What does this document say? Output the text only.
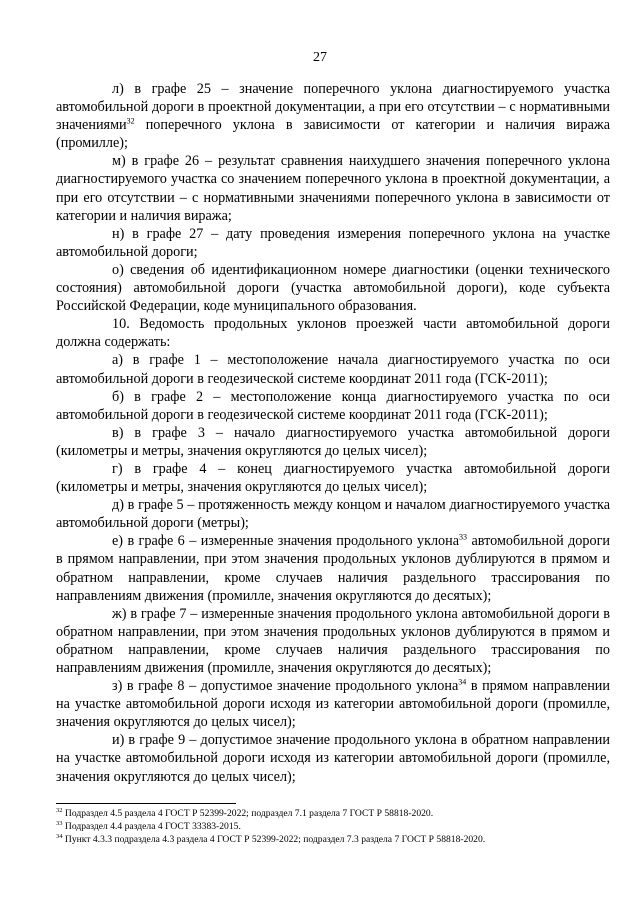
27

л) в графе 25 – значение поперечного уклона диагностируемого участка автомобильной дороги в проектной документации, а при его отсутствии – с нормативными значениями$^{32}$ поперечного уклона в зависимости от категории и наличия виража (промилле);

м) в графе 26 – результат сравнения наихудшего значения поперечного уклона диагностируемого участка со значением поперечного уклона в проектной документации, а при его отсутствии – с нормативными значениями поперечного уклона в зависимости от категории и наличия виража;

н) в графе 27 – дату проведения измерения поперечного уклона на участке автомобильной дороги;

о) сведения об идентификационном номере диагностики (оценки технического состояния) автомобильной дороги (участка автомобильной дороги), коде субъекта Российской Федерации, коде муниципального образования.

10. Ведомость продольных уклонов проезжей части автомобильной дороги должна содержать:

а) в графе 1 – местоположение начала диагностируемого участка по оси автомобильной дороги в геодезической системе координат 2011 года (ГСК-2011);

б) в графе 2 – местоположение конца диагностируемого участка по оси автомобильной дороги в геодезической системе координат 2011 года (ГСК-2011);

в) в графе 3 – начало диагностируемого участка автомобильной дороги (километры и метры, значения округляются до целых чисел);

г) в графе 4 – конец диагностируемого участка автомобильной дороги (километры и метры, значения округляются до целых чисел);

д) в графе 5 – протяженность между концом и началом диагностируемого участка автомобильной дороги (метры);

е) в графе 6 – измеренные значения продольного уклона$^{33}$ автомобильной дороги в прямом направлении, при этом значения продольных уклонов дублируются в прямом и обратном направлении, кроме случаев наличия раздельного трассирования по направлениям движения (промилле, значения округляются до десятых);

ж) в графе 7 – измеренные значения продольного уклона автомобильной дороги в обратном направлении, при этом значения продольных уклонов дублируются в прямом и обратном направлении, кроме случаев наличия раздельного трассирования по направлениям движения (промилле, значения округляются до десятых);

з) в графе 8 – допустимое значение продольного уклона$^{34}$ в прямом направлении на участке автомобильной дороги исходя из категории автомобильной дороги (промилле, значения округляются до целых чисел);

и) в графе 9 – допустимое значение продольного уклона в обратном направлении на участке автомобильной дороги исходя из категории автомобильной дороги (промилле, значения округляются до целых чисел);

$^{32}$ Подраздел 4.5 раздела 4 ГОСТ Р 52399-2022; подраздел 7.1 раздела 7 ГОСТ Р 58818-2020.

$^{33}$ Подраздел 4.4 раздела 4 ГОСТ 33383-2015.

$^{34}$ Пункт 4.3.3 подраздела 4.3 раздела 4 ГОСТ Р 52399-2022; подраздел 7.3 раздела 7 ГОСТ Р 58818-2020.
